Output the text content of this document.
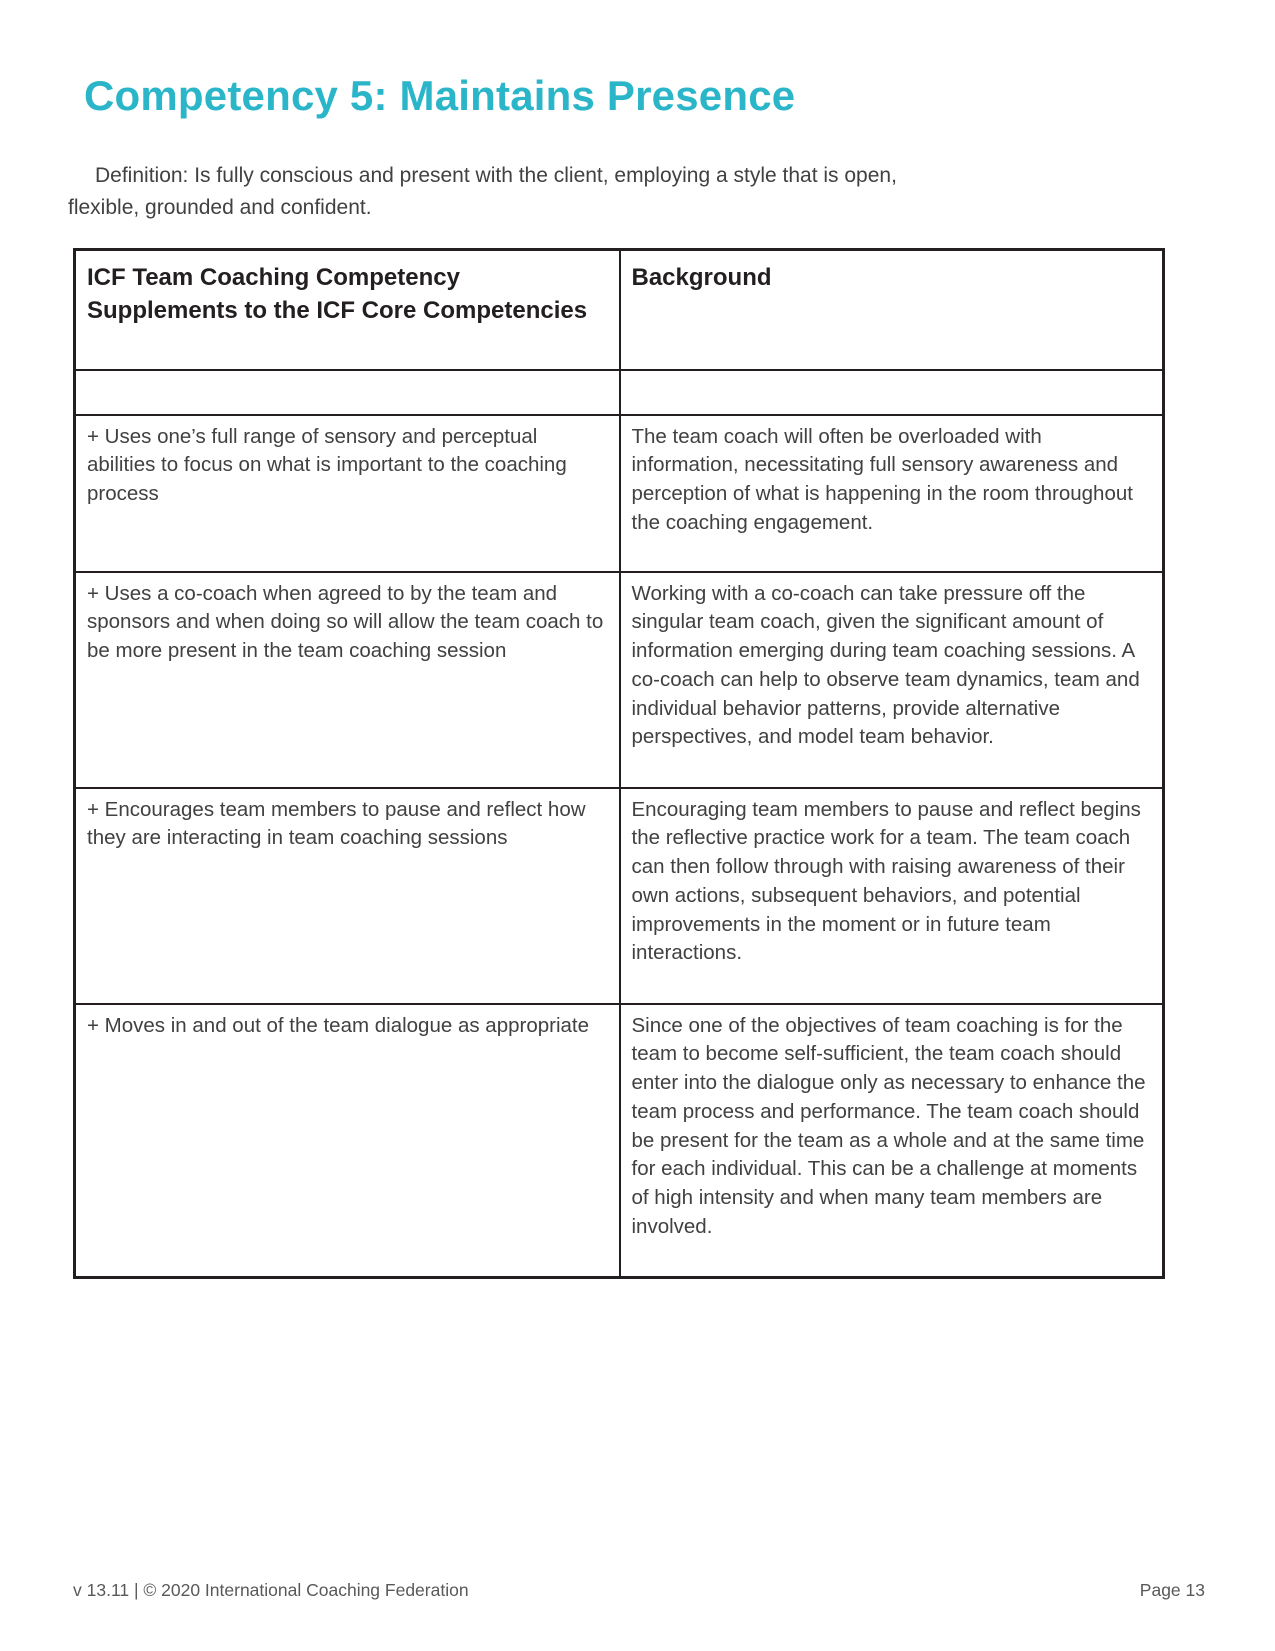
Competency 5: Maintains Presence

Definition: Is fully conscious and present with the client, employing a style that is open, flexible, grounded and confident.

ICF Team Coaching Competency Supplements to the ICF Core Competencies	Background

+ Uses one’s full range of sensory and perceptual abilities to focus on what is important to the coaching process	The team coach will often be overloaded with information, necessitating full sensory awareness and perception of what is happening in the room throughout the coaching engagement.
+ Uses a co-coach when agreed to by the team and sponsors and when doing so will allow the team coach to be more present in the team coaching session	Working with a co-coach can take pressure off the singular team coach, given the significant amount of information emerging during team coaching sessions. A co-coach can help to observe team dynamics, team and individual behavior patterns, provide alternative perspectives, and model team behavior.
+ Encourages team members to pause and reflect how they are interacting in team coaching sessions	Encouraging team members to pause and reflect begins the reflective practice work for a team. The team coach can then follow through with raising awareness of their own actions, subsequent behaviors, and potential improvements in the moment or in future team interactions.
+ Moves in and out of the team dialogue as appropriate	Since one of the objectives of team coaching is for the team to become self-sufficient, the team coach should enter into the dialogue only as necessary to enhance the team process and performance. The team coach should be present for the team as a whole and at the same time for each individual. This can be a challenge at moments of high intensity and when many team members are involved.
v 13.11 | © 2020 International Coaching Federation	Page 13
